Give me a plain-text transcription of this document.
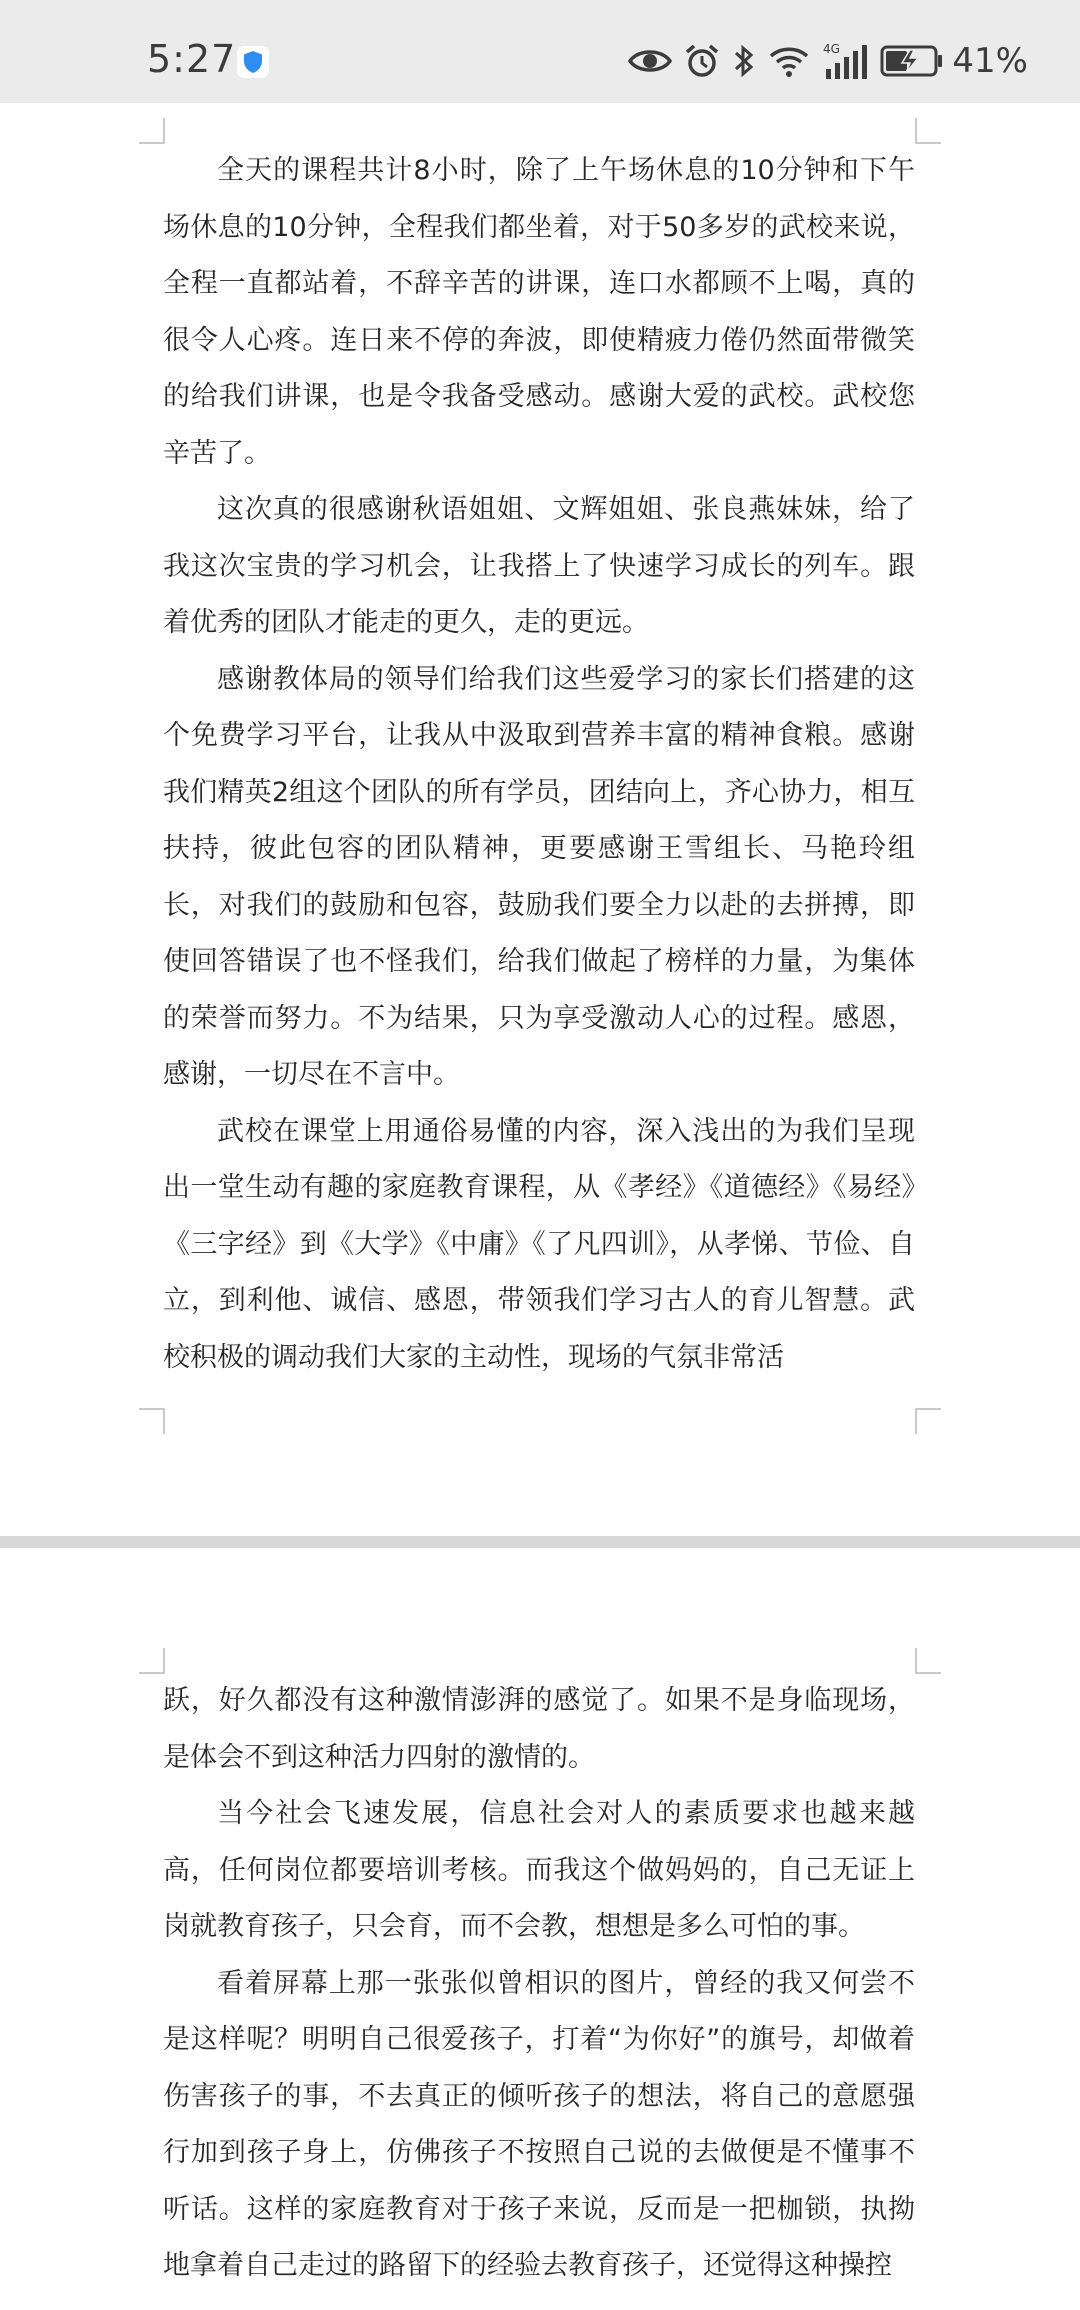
5:27	4G	41%

全天的课程共计8小时，除了上午场休息的10分钟和下午场休息的10分钟，全程我们都坐着，对于50多岁的武校来说，全程一直都站着，不辞辛苦的讲课，连口水都顾不上喝，真的很令人心疼。连日来不停的奔波，即使精疲力倦仍然面带微笑的给我们讲课，也是令我备受感动。感谢大爱的武校。武校您辛苦了。

这次真的很感谢秋语姐姐、文辉姐姐、张良燕妹妹，给了我这次宝贵的学习机会，让我搭上了快速学习成长的列车。跟着优秀的团队才能走的更久，走的更远。

感谢教体局的领导们给我们这些爱学习的家长们搭建的这个免费学习平台，让我从中汲取到营养丰富的精神食粮。感谢我们精英2组这个团队的所有学员，团结向上，齐心协力，相互扶持，彼此包容的团队精神，更要感谢王雪组长、马艳玲组长，对我们的鼓励和包容，鼓励我们要全力以赴的去拼搏，即使回答错误了也不怪我们，给我们做起了榜样的力量，为集体的荣誉而努力。不为结果，只为享受激动人心的过程。感恩，感谢，一切尽在不言中。

武校在课堂上用通俗易懂的内容，深入浅出的为我们呈现出一堂生动有趣的家庭教育课程，从《孝经》《道德经》《易经》《三字经》到《大学》《中庸》《了凡四训》，从孝悌、节俭、自立，到利他、诚信、感恩，带领我们学习古人的育儿智慧。武校积极的调动我们大家的主动性，现场的气氛非常活

跃，好久都没有这种激情澎湃的感觉了。如果不是身临现场，是体会不到这种活力四射的激情的。

当今社会飞速发展，信息社会对人的素质要求也越来越高，任何岗位都要培训考核。而我这个做妈妈的，自己无证上岗就教育孩子，只会育，而不会教，想想是多么可怕的事。

看着屏幕上那一张张似曾相识的图片，曾经的我又何尝不是这样呢？明明自己很爱孩子，打着“为你好”的旗号，却做着伤害孩子的事，不去真正的倾听孩子的想法，将自己的意愿强行加到孩子身上，仿佛孩子不按照自己说的去做便是不懂事不听话。这样的家庭教育对于孩子来说，反而是一把枷锁，执拗地拿着自己走过的路留下的经验去教育孩子，还觉得这种操控
